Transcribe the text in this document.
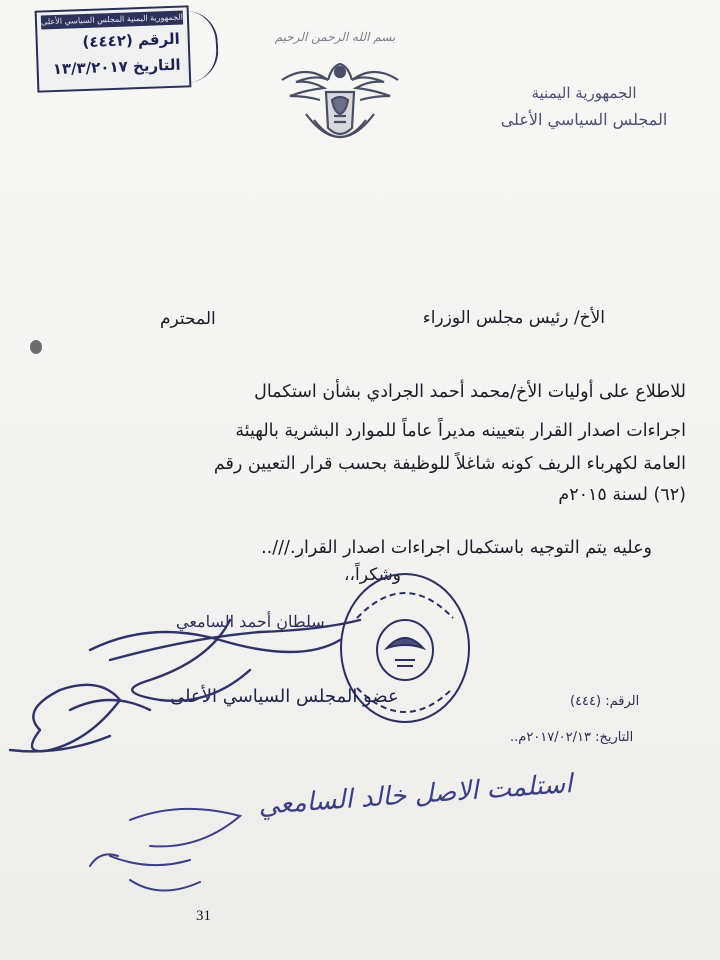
الجمهورية اليمنية المجلس السياسي الأعلى
الرقم (٤٤٤٢)
التاريخ ١٣/٣/٢٠١٧
بسم الله الرحمن الرحيم
الجمهورية اليمنية
المجلس السياسي الأعلى
الأخ/ رئيس مجلس الوزراء
المحترم
للاطلاع على أوليات الأخ/محمد أحمد الجرادي بشأن استكمال
اجراءات اصدار القرار بتعيينه مديراً عاماً للموارد البشرية بالهيئة
العامة لكهرباء الريف كونه شاغلاً للوظيفة بحسب قرار التعيين رقم
(٦٢) لسنة ٢٠١٥م
وعليه يتم التوجيه باستكمال اجراءات اصدار القرار.///..
وشكراً،،
سلطان أحمد السامعي
عضو المجلس السياسي الأعلى	الرقم: (٤٤٤)
التاريخ: ٢٠١٧/٠٢/١٣م..
استلمت الاصل خالد السامعي
31
